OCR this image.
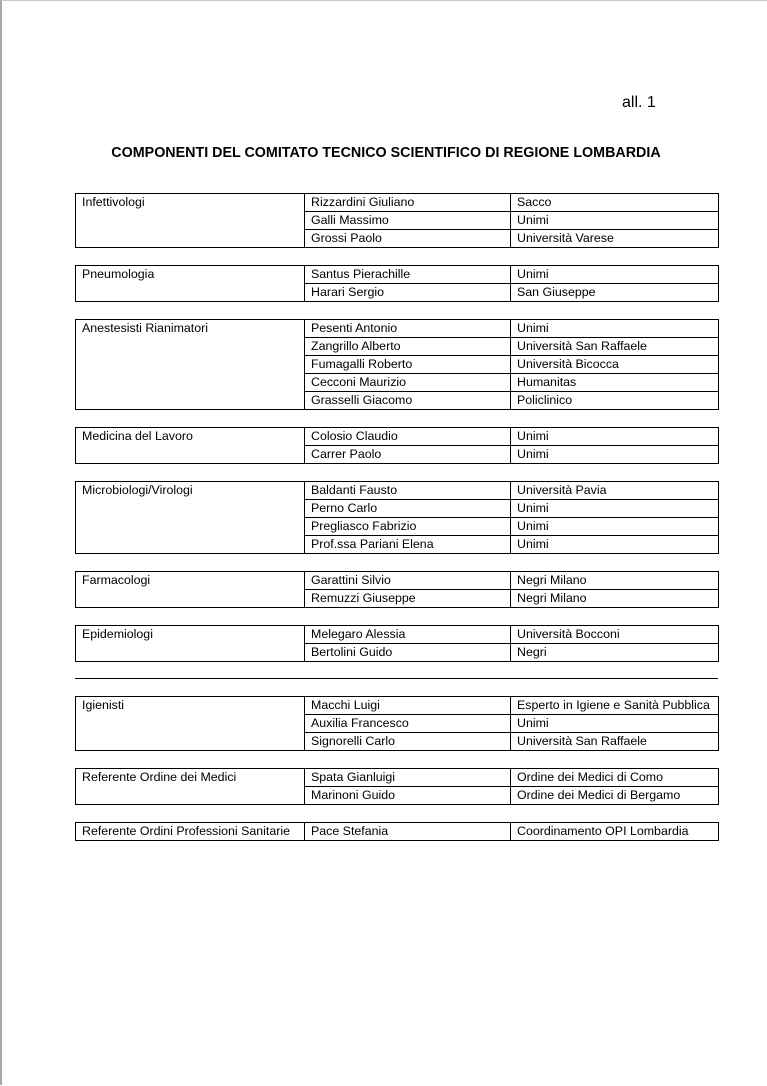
all. 1
COMPONENTI DEL COMITATO TECNICO SCIENTIFICO DI REGIONE LOMBARDIA
Infettivologi	Rizzardini Giuliano	Sacco
	Galli Massimo	Unimi
	Grossi Paolo	Università Varese
Pneumologia	Santus Pierachille	Unimi
	Harari Sergio	San Giuseppe
Anestesisti Rianimatori	Pesenti Antonio	Unimi
	Zangrillo Alberto	Università San Raffaele
	Fumagalli Roberto	Università Bicocca
	Cecconi Maurizio	Humanitas
	Grasselli Giacomo	Policlinico
Medicina del Lavoro	Colosio Claudio	Unimi
	Carrer Paolo	Unimi
Microbiologi/Virologi	Baldanti Fausto	Università Pavia
	Perno Carlo	Unimi
	Pregliasco Fabrizio	Unimi
	Prof.ssa Pariani Elena	Unimi
Farmacologi	Garattini Silvio	Negri Milano
	Remuzzi Giuseppe	Negri Milano
Epidemiologi	Melegaro Alessia	Università Bocconi
	Bertolini Guido	Negri
Igienisti	Macchi Luigi	Esperto in Igiene e Sanità Pubblica
	Auxilia Francesco	Unimi
	Signorelli Carlo	Università San Raffaele
Referente Ordine dei Medici	Spata Gianluigi	Ordine dei Medici di Como
	Marinoni Guido	Ordine dei Medici di Bergamo
Referente Ordini Professioni Sanitarie	Pace Stefania	Coordinamento OPI Lombardia
